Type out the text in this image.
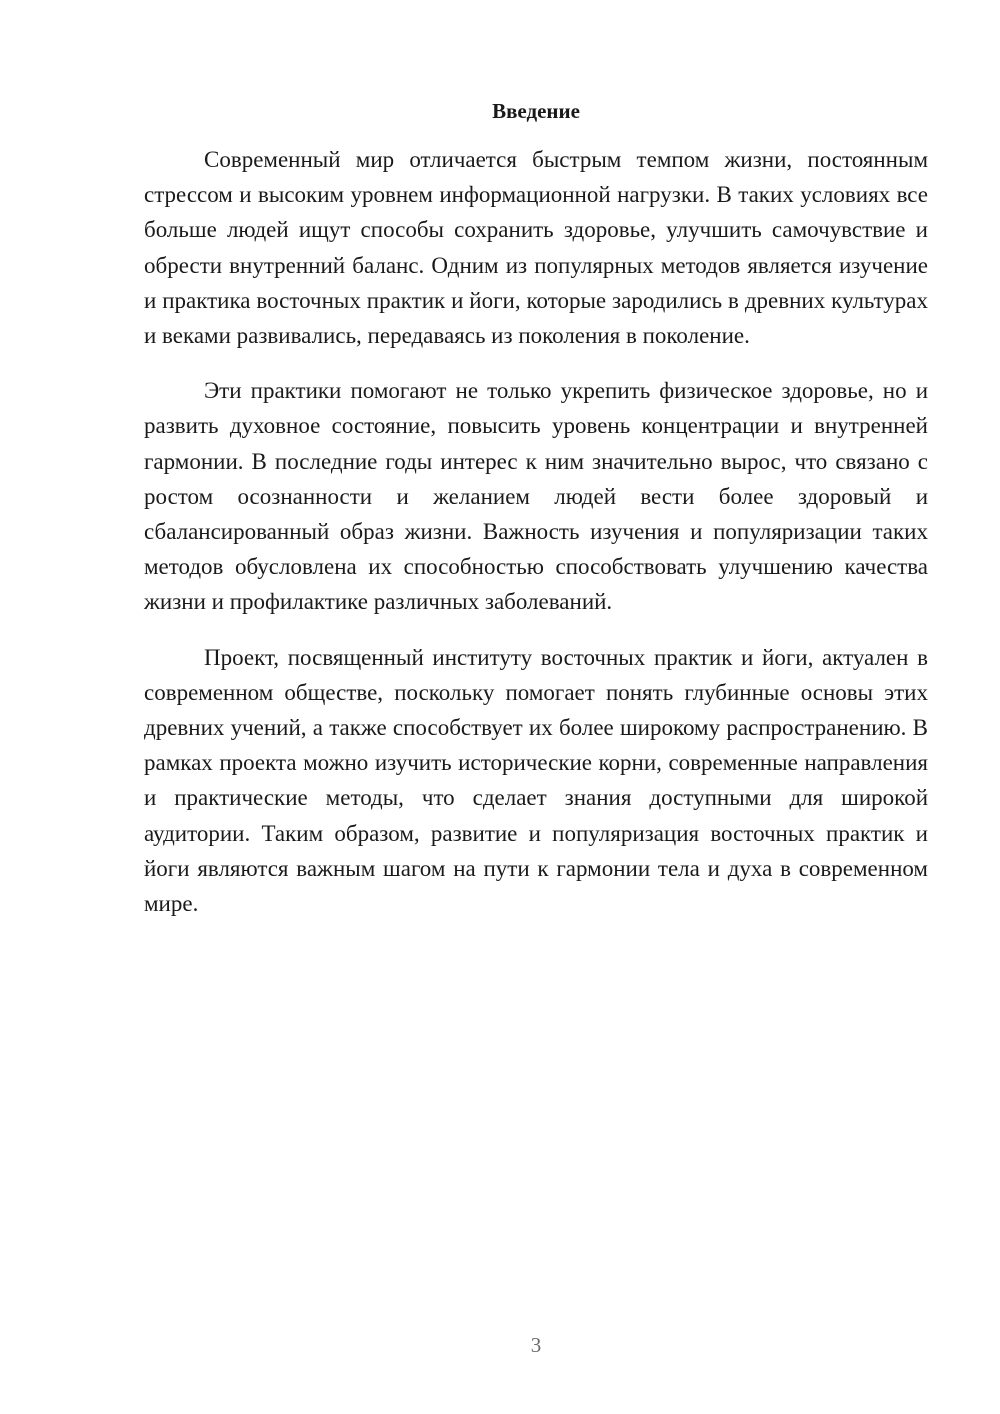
Введение

Современный мир отличается быстрым темпом жизни, постоянным стрессом и высоким уровнем информационной нагрузки. В таких условиях все больше людей ищут способы сохранить здоровье, улучшить самочувствие и обрести внутренний баланс. Одним из популярных методов является изучение и практика восточных практик и йоги, которые зародились в древних культурах и веками развивались, передаваясь из поколения в поколение.

Эти практики помогают не только укрепить физическое здоровье, но и развить духовное состояние, повысить уровень концентрации и внутренней гармонии. В последние годы интерес к ним значительно вырос, что связано с ростом осознанности и желанием людей вести более здоровый и сбалансированный образ жизни. Важность изучения и популяризации таких методов обусловлена их способностью способствовать улучшению качества жизни и профилактике различных заболеваний.

Проект, посвященный институту восточных практик и йоги, актуален в современном обществе, поскольку помогает понять глубинные основы этих древних учений, а также способствует их более широкому распространению. В рамках проекта можно изучить исторические корни, современные направления и практические методы, что сделает знания доступными для широкой аудитории. Таким образом, развитие и популяризация восточных практик и йоги являются важным шагом на пути к гармонии тела и духа в современном мире.

3
